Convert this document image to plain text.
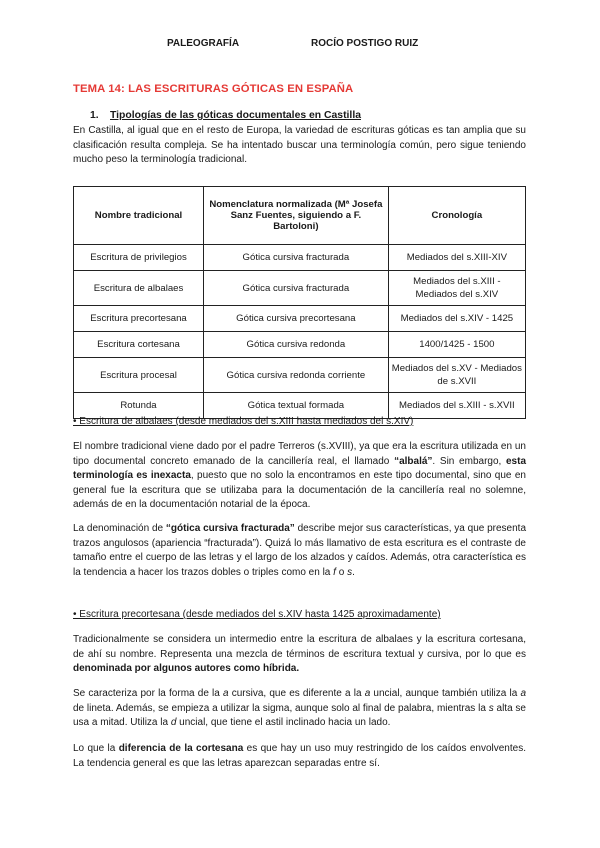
PALEOGRAFÍA	ROCÍO POSTIGO RUIZ
TEMA 14: LAS ESCRITURAS GÓTICAS EN ESPAÑA
1. Tipologías de las góticas documentales en Castilla

En Castilla, al igual que en el resto de Europa, la variedad de escrituras góticas es tan amplia que su clasificación resulta compleja. Se ha intentado buscar una terminología común, pero sigue teniendo mucho peso la terminología tradicional.

Nombre tradicional	Nomenclatura normalizada (Mª Josefa Sanz Fuentes, siguiendo a F. Bartoloni)	Cronología
Escritura de privilegios	Gótica cursiva fracturada	Mediados del s.XIII-XIV
Escritura de albalaes	Gótica cursiva fracturada	Mediados del s.XIII - Mediados del s.XIV
Escritura precortesana	Gótica cursiva precortesana	Mediados del s.XIV - 1425
Escritura cortesana	Gótica cursiva redonda	1400/1425 - 1500
Escritura procesal	Gótica cursiva redonda corriente	Mediados del s.XV - Mediados de s.XVII
Rotunda	Gótica textual formada	Mediados del s.XIII - s.XVII
• Escritura de albalaes (desde mediados del s.XIII hasta mediados del s.XIV)

El nombre tradicional viene dado por el padre Terreros (s.XVIII), ya que era la escritura utilizada en un tipo documental concreto emanado de la cancillería real, el llamado “albalá”. Sin embargo, esta terminología es inexacta, puesto que no solo la encontramos en este tipo documental, sino que en general fue la escritura que se utilizaba para la documentación de la cancillería real no solemne, además de en la documentación notarial de la época.

La denominación de “gótica cursiva fracturada” describe mejor sus características, ya que presenta trazos angulosos (apariencia “fracturada”). Quizá lo más llamativo de esta escritura es el contraste de tamaño entre el cuerpo de las letras y el largo de los alzados y caídos. Además, otra característica es la tendencia a hacer los trazos dobles o triples como en la f o s.

• Escritura precortesana (desde mediados del s.XIV hasta 1425 aproximadamente)

Tradicionalmente se considera un intermedio entre la escritura de albalaes y la escritura cortesana, de ahí su nombre. Representa una mezcla de términos de escritura textual y cursiva, por lo que es denominada por algunos autores como híbrida.

Se caracteriza por la forma de la a cursiva, que es diferente a la a uncial, aunque también utiliza la a de lineta. Además, se empieza a utilizar la sigma, aunque solo al final de palabra, mientras la s alta se usa a mitad. Utiliza la d uncial, que tiene el astil inclinado hacia un lado.

Lo que la diferencia de la cortesana es que hay un uso muy restringido de los caídos envolventes. La tendencia general es que las letras aparezcan separadas entre sí.
